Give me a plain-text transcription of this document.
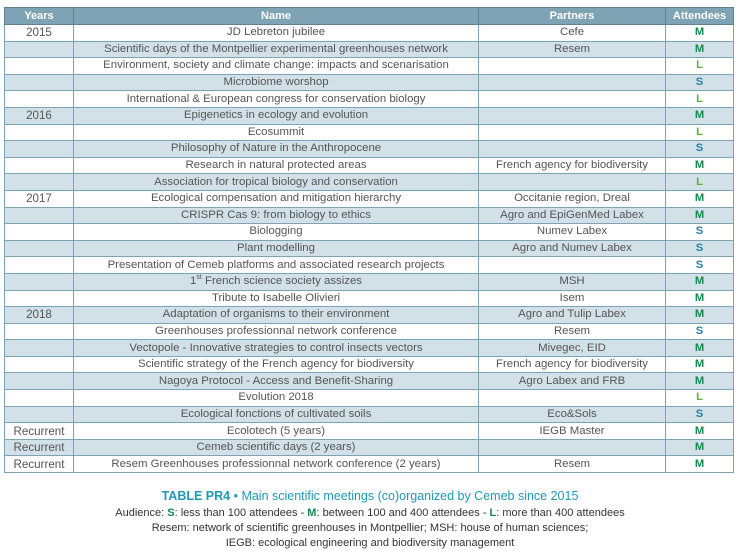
Years	Name	Partners	Attendees
2015	JD Lebreton jubilee	Cefe	M
	Scientific days of the Montpellier experimental greenhouses network	Resem	M
	Environment, society and climate change: impacts and scenarisation		L
	Microbiome worshop		S
	International & European congress for conservation biology		L
2016	Epigenetics in ecology and evolution		M
	Ecosummit		L
	Philosophy of Nature in the Anthropocene		S
	Research in natural protected areas	French agency for biodiversity	M
	Association for tropical biology and conservation		L
2017	Ecological compensation and mitigation hierarchy	Occitanie region, Dreal	M
	CRISPR Cas 9: from biology to ethics	Agro and EpiGenMed Labex	M
	Biologging	Numev Labex	S
	Plant modelling	Agro and Numev Labex	S
	Presentation of Cemeb platforms and associated research projects		S
	1st French science society assizes	MSH	M
	Tribute to Isabelle Olivieri	Isem	M
2018	Adaptation of organisms to their environment	Agro and Tulip Labex	M
	Greenhouses professionnal network conference	Resem	S
	Vectopole - Innovative strategies to control insects vectors	Mivegec, EID	M
	Scientific strategy of the French agency for biodiversity	French agency for biodiversity	M
	Nagoya Protocol - Access and Benefit-Sharing	Agro Labex and FRB	M
	Evolution 2018		L
	Ecological fonctions of cultivated soils	Eco&Sols	S
Recurrent	Ecolotech (5 years)	IEGB Master	M
Recurrent	Cemeb scientific days (2 years)		M
Recurrent	Resem Greenhouses professionnal network conference (2 years)	Resem	M
TABLE PR4 • Main scientific meetings (co)organized by Cemeb since 2015
Audience: S: less than 100 attendees - M: between 100 and 400 attendees - L: more than 400 attendees
Resem: network of scientific greenhouses in Montpellier; MSH: house of human sciences;
IEGB: ecological engineering and biodiversity management
